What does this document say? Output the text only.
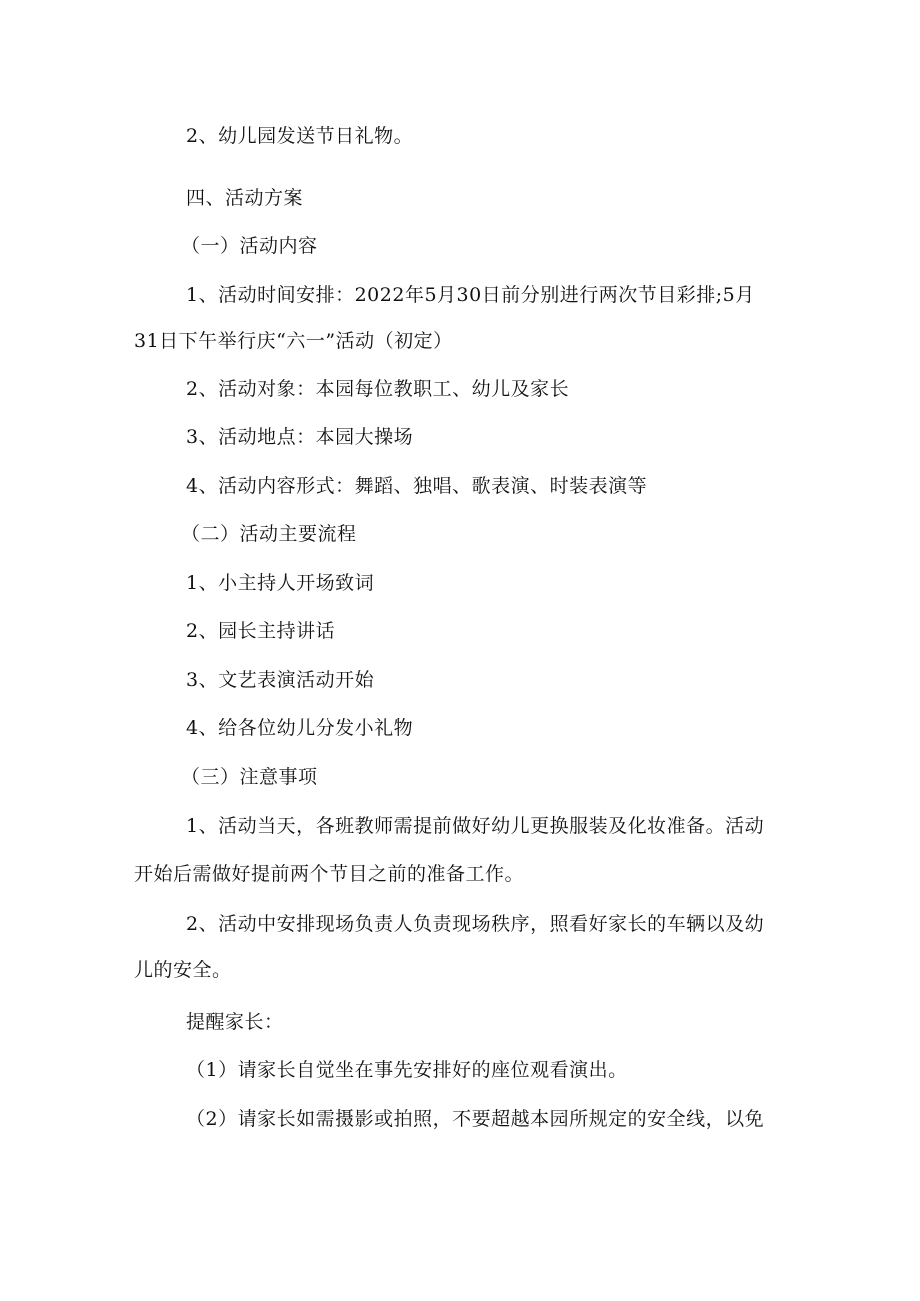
2、幼儿园发送节日礼物。
四、活动方案
（一）活动内容
1、活动时间安排：2022年5月30日前分别进行两次节目彩排;5月
31日下午举行庆“六一”活动（初定）
2、活动对象：本园每位教职工、幼儿及家长
3、活动地点：本园大操场
4、活动内容形式：舞蹈、独唱、歌表演、时装表演等
（二）活动主要流程
1、小主持人开场致词
2、园长主持讲话
3、文艺表演活动开始
4、给各位幼儿分发小礼物
（三）注意事项
1、活动当天，各班教师需提前做好幼儿更换服装及化妆准备。活动
开始后需做好提前两个节目之前的准备工作。
2、活动中安排现场负责人负责现场秩序，照看好家长的车辆以及幼
儿的安全。
提醒家长：
（1）请家长自觉坐在事先安排好的座位观看演出。
（2）请家长如需摄影或拍照，不要超越本园所规定的安全线，以免
